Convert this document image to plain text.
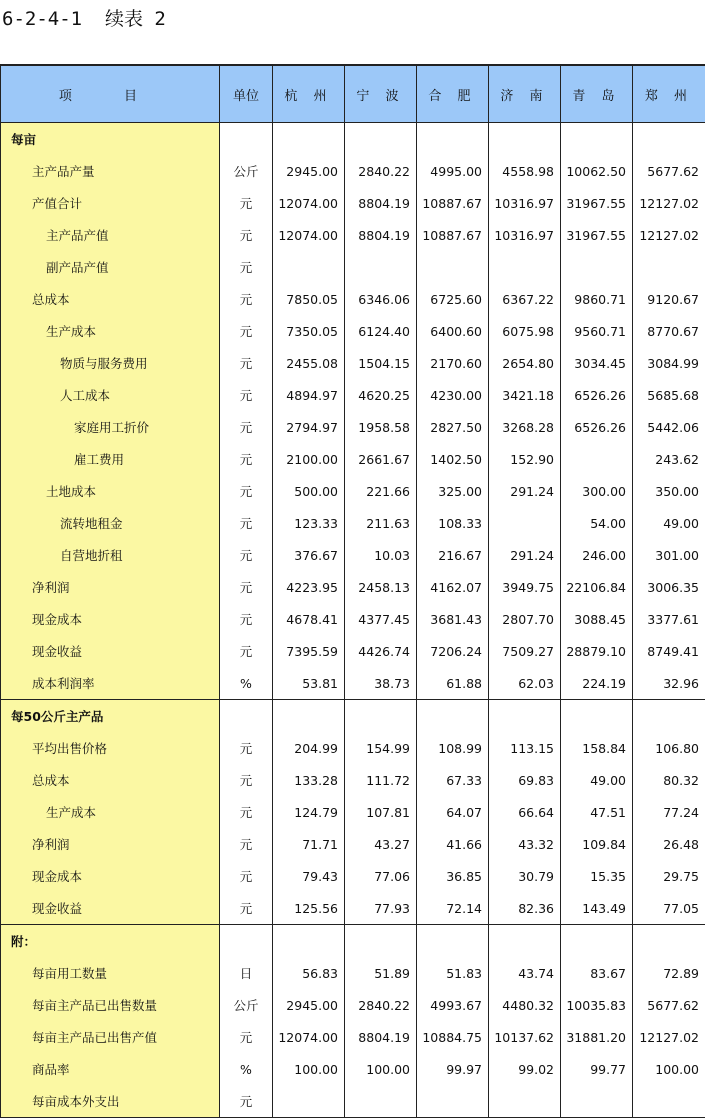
6-2-4-1  续表 2
项 目	单位	杭 州	宁 波	合 肥	济 南	青 岛	郑 州
每亩							
主产品产量	公斤	2945.00	2840.22	4995.00	4558.98	10062.50	5677.62
产值合计	元	12074.00	8804.19	10887.67	10316.97	31967.55	12127.02
主产品产值	元	12074.00	8804.19	10887.67	10316.97	31967.55	12127.02
副产品产值	元						
总成本	元	7850.05	6346.06	6725.60	6367.22	9860.71	9120.67
生产成本	元	7350.05	6124.40	6400.60	6075.98	9560.71	8770.67
物质与服务费用	元	2455.08	1504.15	2170.60	2654.80	3034.45	3084.99
人工成本	元	4894.97	4620.25	4230.00	3421.18	6526.26	5685.68
家庭用工折价	元	2794.97	1958.58	2827.50	3268.28	6526.26	5442.06
雇工费用	元	2100.00	2661.67	1402.50	152.90		243.62
土地成本	元	500.00	221.66	325.00	291.24	300.00	350.00
流转地租金	元	123.33	211.63	108.33		54.00	49.00
自营地折租	元	376.67	10.03	216.67	291.24	246.00	301.00
净利润	元	4223.95	2458.13	4162.07	3949.75	22106.84	3006.35
现金成本	元	4678.41	4377.45	3681.43	2807.70	3088.45	3377.61
现金收益	元	7395.59	4426.74	7206.24	7509.27	28879.10	8749.41
成本利润率	%	53.81	38.73	61.88	62.03	224.19	32.96
每50公斤主产品							
平均出售价格	元	204.99	154.99	108.99	113.15	158.84	106.80
总成本	元	133.28	111.72	67.33	69.83	49.00	80.32
生产成本	元	124.79	107.81	64.07	66.64	47.51	77.24
净利润	元	71.71	43.27	41.66	43.32	109.84	26.48
现金成本	元	79.43	77.06	36.85	30.79	15.35	29.75
现金收益	元	125.56	77.93	72.14	82.36	143.49	77.05
附：							
每亩用工数量	日	56.83	51.89	51.83	43.74	83.67	72.89
每亩主产品已出售数量	公斤	2945.00	2840.22	4993.67	4480.32	10035.83	5677.62
每亩主产品已出售产值	元	12074.00	8804.19	10884.75	10137.62	31881.20	12127.02
商品率	%	100.00	100.00	99.97	99.02	99.77	100.00
每亩成本外支出	元						
